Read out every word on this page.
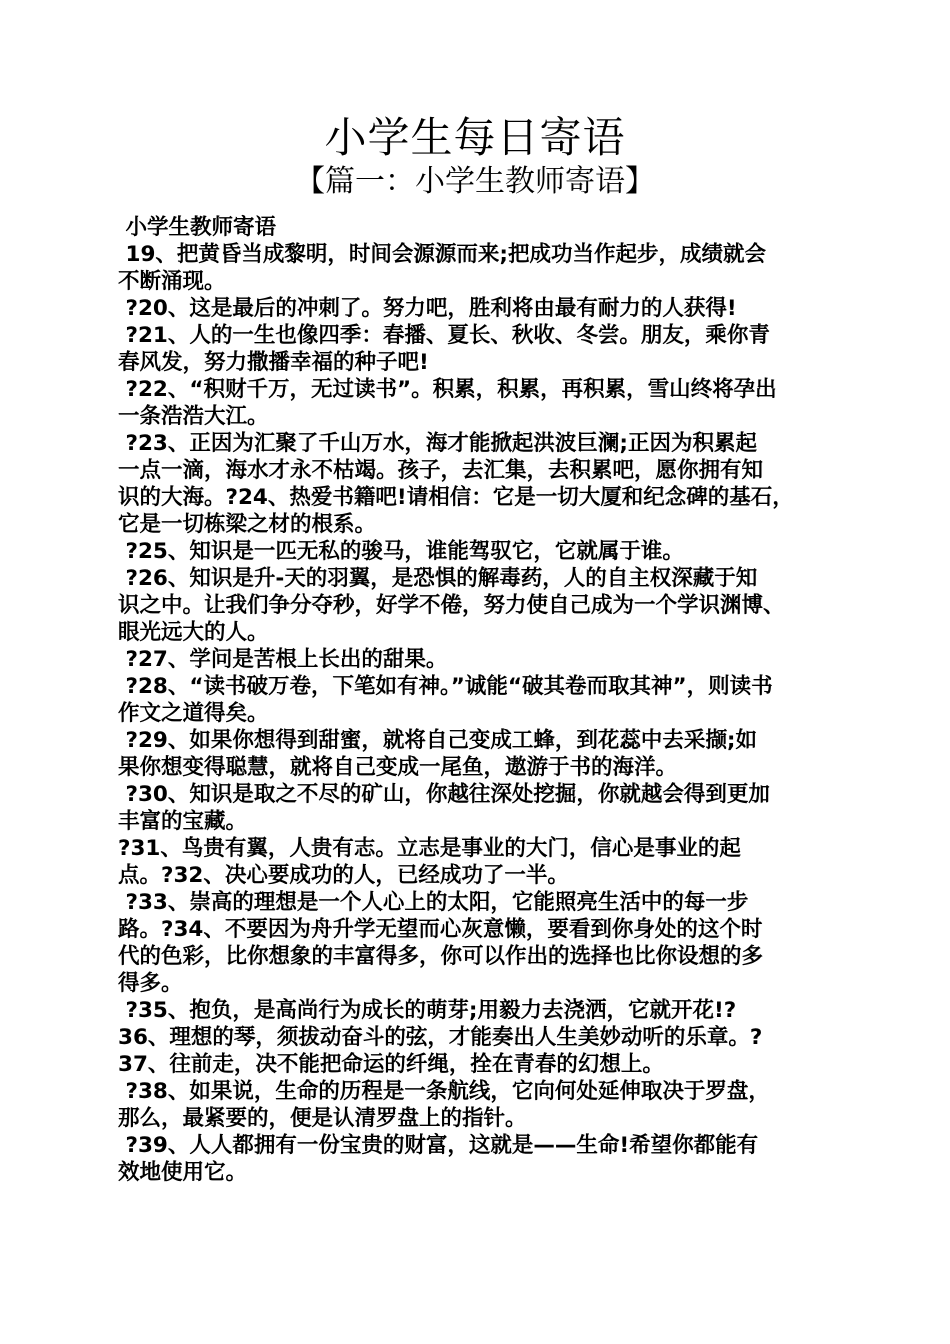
小学生每日寄语
【篇一：小学生教师寄语】
小学生教师寄语
19、把黄昏当成黎明，时间会源源而来;把成功当作起步，成绩就会
不断涌现。
?20、这是最后的冲刺了。努力吧，胜利将由最有耐力的人获得!
?21、人的一生也像四季：春播、夏长、秋收、冬尝。朋友，乘你青
春风发，努力撒播幸福的种子吧!
?22、“积财千万，无过读书”。积累，积累，再积累，雪山终将孕出
一条浩浩大江。
?23、正因为汇聚了千山万水，海才能掀起洪波巨澜;正因为积累起
一点一滴，海水才永不枯竭。孩子，去汇集，去积累吧，愿你拥有知
识的大海。?24、热爱书籍吧!请相信：它是一切大厦和纪念碑的基石，
它是一切栋梁之材的根系。
?25、知识是一匹无私的骏马，谁能驾驭它，它就属于谁。
?26、知识是升-天的羽翼，是恐惧的解毒药，人的自主权深藏于知
识之中。让我们争分夺秒，好学不倦，努力使自己成为一个学识渊博、
眼光远大的人。
?27、学问是苦根上长出的甜果。
?28、“读书破万卷，下笔如有神。”诚能“破其卷而取其神”，则读书
作文之道得矣。
?29、如果你想得到甜蜜，就将自己变成工蜂，到花蕊中去采撷;如
果你想变得聪慧，就将自己变成一尾鱼，遨游于书的海洋。
?30、知识是取之不尽的矿山，你越往深处挖掘，你就越会得到更加
丰富的宝藏。
?31、鸟贵有翼，人贵有志。立志是事业的大门，信心是事业的起
点。?32、决心要成功的人，已经成功了一半。
?33、崇高的理想是一个人心上的太阳，它能照亮生活中的每一步
路。?34、不要因为舟升学无望而心灰意懒，要看到你身处的这个时
代的色彩，比你想象的丰富得多，你可以作出的选择也比你设想的多
得多。
?35、抱负，是高尚行为成长的萌芽;用毅力去浇洒，它就开花!?
36、理想的琴，须拔动奋斗的弦，才能奏出人生美妙动听的乐章。?
37、往前走，决不能把命运的纤绳，拴在青春的幻想上。
?38、如果说，生命的历程是一条航线，它向何处延伸取决于罗盘，
那么，最紧要的，便是认清罗盘上的指针。
?39、人人都拥有一份宝贵的财富，这就是——生命!希望你都能有
效地使用它。
